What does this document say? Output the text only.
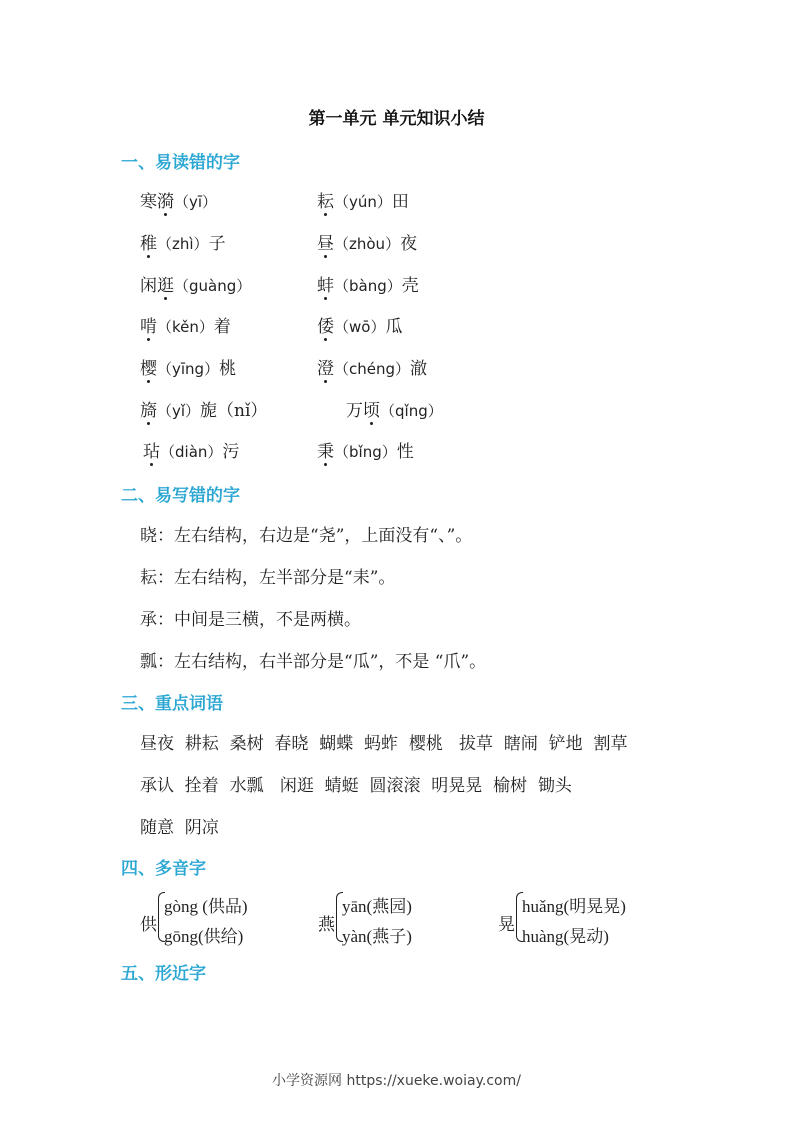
第一单元 单元知识小结
一、易读错的字
寒漪（yī）	耘（yún）田
稚（zhì）子	昼（zhòu）夜
闲逛（guàng）	蚌（bàng）壳
啃（kěn）着	倭（wō）瓜
樱（yīng）桃	澄（chéng）澈
旖（yǐ）旎（nǐ）	万顷（qǐng）
玷（diàn）污	秉（bǐng）性
二、易写错的字
晓：左右结构，右边是“尧”，上面没有“、”。
耘：左右结构，左半部分是“耒”。
承：中间是三横，不是两横。
瓢：左右结构，右半部分是“瓜”，不是 “爪”。
三、重点词语
昼夜  耕耘  桑树  春晓  蝴蝶  蚂蚱  樱桃   拔草  瞎闹  铲地  割草
承认  拴着  水瓢   闲逛  蜻蜓  圆滚滚  明晃晃  榆树  锄头
随意  阴凉
四、多音字
供
gòng (供品)
gōng(供给)
燕
yān(燕园)
yàn(燕子)
晃
huǎng(明晃晃)
huàng(晃动)
五、形近字
小学资源网 https://xueke.woiay.com/
